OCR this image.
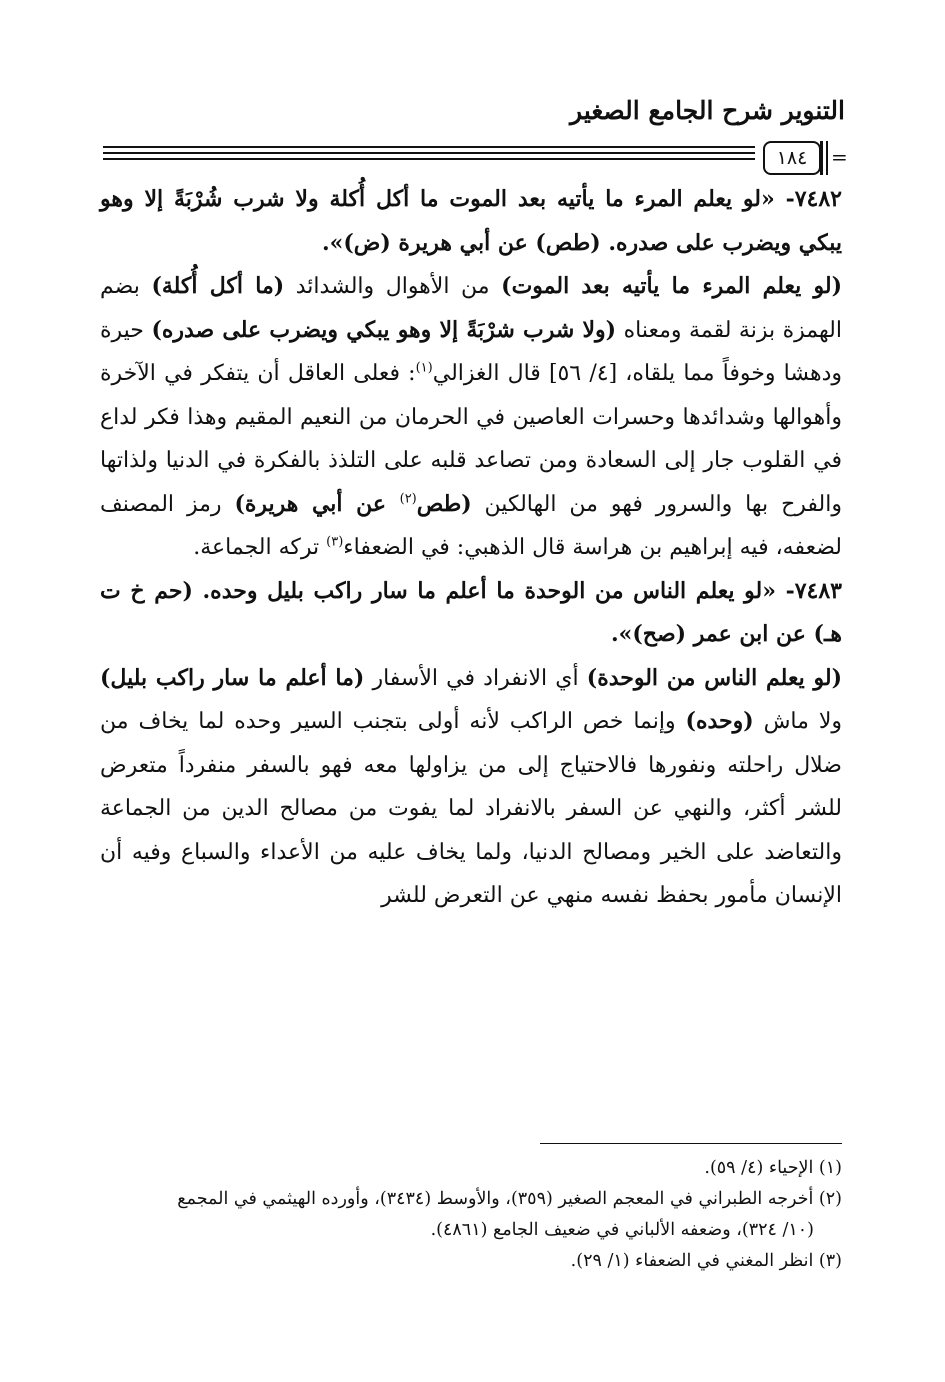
التنوير شرح الجامع الصغير
١٨٤	=

٧٤٨٢- «لو يعلم المرء ما يأتيه بعد الموت ما أكل أُكلة ولا شرب شُرْبَةً إلا وهو يبكي ويضرب على صدره. (طص) عن أبي هريرة (ض)».

(لو يعلم المرء ما يأتيه بعد الموت) من الأهوال والشدائد (ما أكل أُكلة) بضم الهمزة بزنة لقمة ومعناه (ولا شرب شرْبَةً إلا وهو يبكي ويضرب على صدره) حيرة ودهشا وخوفاً مما يلقاه، [٤/ ٥٦] قال الغزالي$^{(١)}$: فعلى العاقل أن يتفكر في الآخرة وأهوالها وشدائدها وحسرات العاصين في الحرمان من النعيم المقيم وهذا فكر لداع في القلوب جار إلى السعادة ومن تصاعد قلبه على التلذذ بالفكرة في الدنيا ولذاتها والفرح بها والسرور فهو من الهالكين (طص$^{(٢)}$ عن أبي هريرة) رمز المصنف لضعفه، فيه إبراهيم بن هراسة قال الذهبي: في الضعفاء$^{(٣)}$ تركه الجماعة.

٧٤٨٣- «لو يعلم الناس من الوحدة ما أعلم ما سار راكب بليل وحده. (حم خ ت هـ) عن ابن عمر (صح)».

(لو يعلم الناس من الوحدة) أي الانفراد في الأسفار (ما أعلم ما سار راكب بليل) ولا ماش (وحده) وإنما خص الراكب لأنه أولى بتجنب السير وحده لما يخاف من ضلال راحلته ونفورها فالاحتياج إلى من يزاولها معه فهو بالسفر منفرداً متعرض للشر أكثر، والنهي عن السفر بالانفراد لما يفوت من مصالح الدين من الجماعة والتعاضد على الخير ومصالح الدنيا، ولما يخاف عليه من الأعداء والسباع وفيه أن الإنسان مأمور بحفظ نفسه منهي عن التعرض للشر

(١) الإحياء (٤/ ٥٩).

(٢) أخرجه الطبراني في المعجم الصغير (٣٥٩)، والأوسط (٣٤٣٤)، وأورده الهيثمي في المجمع

(١٠/ ٣٢٤)، وضعفه الألباني في ضعيف الجامع (٤٨٦١).

(٣) انظر المغني في الضعفاء (١/ ٢٩).
